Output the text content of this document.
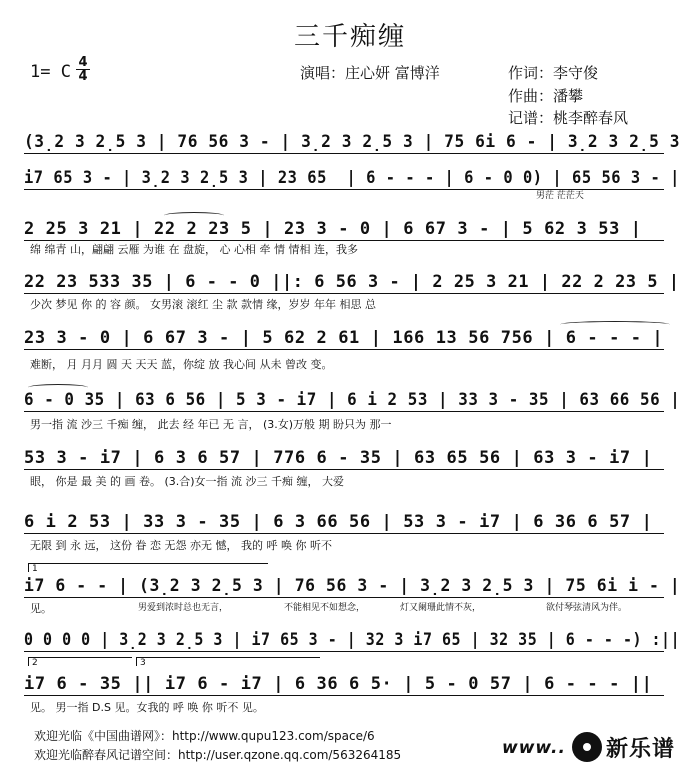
三千痴缠
1= C $\frac{4}{4}$	演唱：庄心妍 富博洋	作词：李守俊
作曲：潘攀
记谱：桃李醉春风
(3̣2 3 2̣5 3 | 76 56 3 - | 3̣2 3 2̣5 3 | 75 6i 6 - | 3̣2 3 2̣5 3
i7 65 3 - | 3̣2 3 2̣5 3 | 23 65  | 6 - - - | 6 - 0 0) | 65 56 3 - |
男茫 茫茫天
2 25 3 21 | 22 2 23 5 | 23 3 - 0 | 6 67 3 - | 5 62 3 53 |
绵 绵青 山，翩翩 云雁 为谁 在 盘旋， 心 心相 牵 情 情相 连，我多
22 23 533 35 | 6 - - 0 ||: 6 56 3 - | 2 25 3 21 | 22 2 23 5 |
少次 梦见 你 的 容 颜。 女男滚 滚红 尘 款 款情 缘，岁岁 年年 相思 总
23 3 - 0 | 6 67 3 - | 5 62 2 61 | 166 13 56 756 | 6 - - - |
难断， 月 月月 圆 天 天天 蓝，你绽 放 我心间 从未 曾改 变。
6 - 0 35 | 63 6 56 | 5 3 - i7 | 6 i 2 53 | 33 3 - 35 | 63 66 56 |
男一指 流 沙三 千痴 缠， 此去 经 年已 无 言， (3.女)万般 期 盼只为 那一
53 3 - i7 | 6 3 6 57 | 776 6 - 35 | 63 65 56 | 63 3 - i7 |
眼， 你是 最 美 的 画 卷。 (3.合)女一指 流 沙三 千痴 缠， 大爱
6 i 2 53 | 33 3 - 35 | 6 3 66 56 | 53 3 - i7 | 6 36 6 57 |
无限 到 永 远， 这份 眷 恋 无怨 亦无 憾， 我的 呼 唤 你 听不
1
i7 6 - - | (3̣2 3 2̣5 3 | 76 56 3 - | 3̣2 3 2̣5 3 | 75 6i i - |
见。	男爱到浓时总也无言，	不能相见不如想念，	灯又阑珊此情不灰，	欲付琴弦清风为伴。
0 0 0 0 | 3̣2 3 2̣5 3 | i7 65 3 - | 32 3 i7 65 | 32 35 | 6 - - -) :||
2	3
i7 6 - 35 || i7 6 - i7 | 6 36 6 5· | 5 - 0 57 | 6 - - - ||
见。 男一指 D.S 见。女我的 呼 唤 你 听不 见。
欢迎光临《中国曲谱网》：http://www.qupu123.com/space/6
欢迎光临醉春风记谱空间：http://user.qzone.qq.com/563264185	www.. 新乐谱
